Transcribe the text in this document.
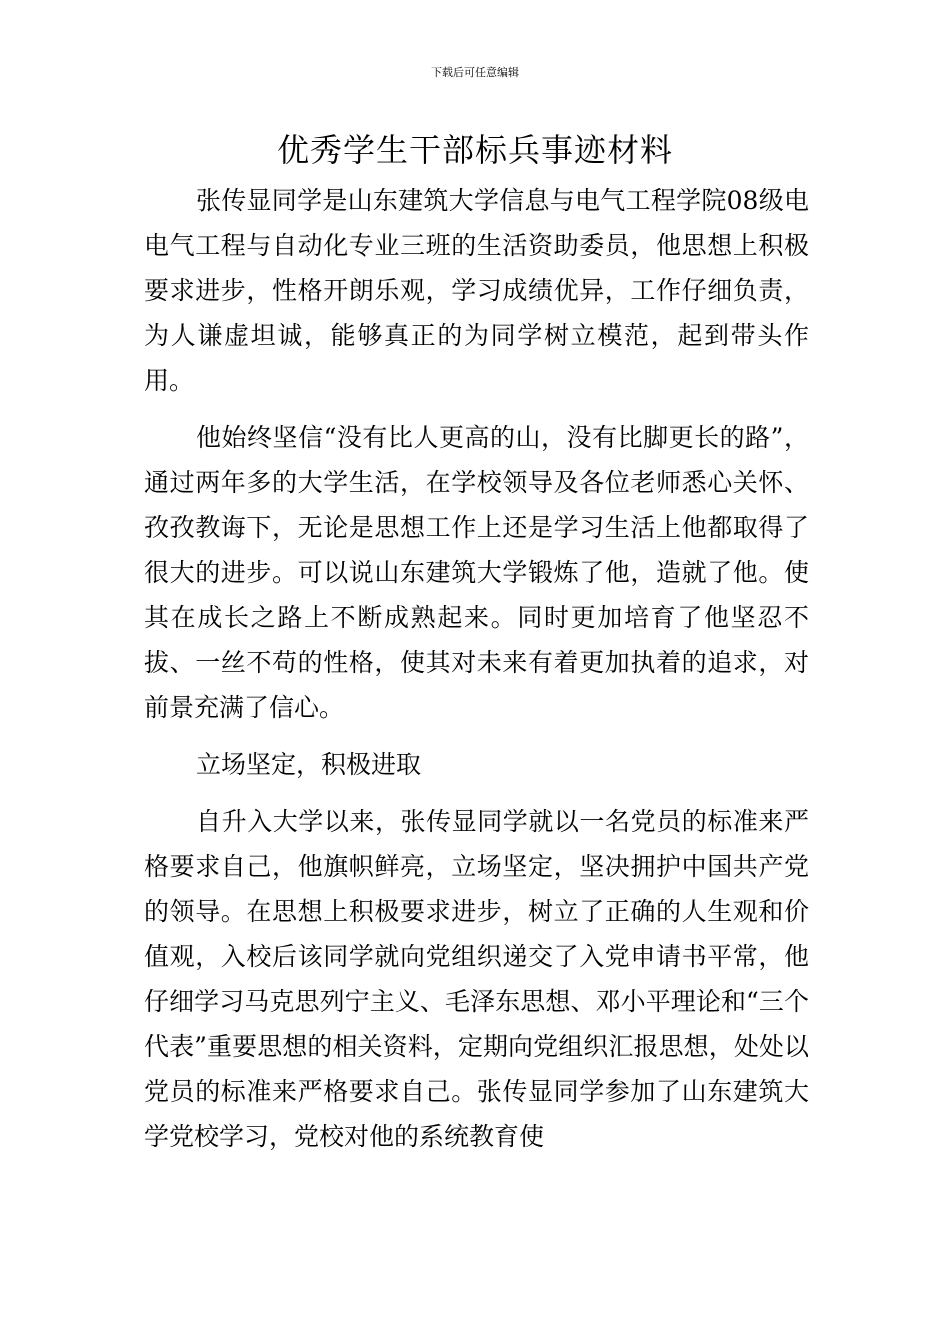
下载后可任意编辑
优秀学生干部标兵事迹材料

张传显同学是山东建筑大学信息与电气工程学院08级电电气工程与自动化专业三班的生活资助委员，他思想上积极要求进步，性格开朗乐观，学习成绩优异，工作仔细负责，为人谦虚坦诚，能够真正的为同学树立模范，起到带头作用。

他始终坚信“没有比人更高的山，没有比脚更长的路”，通过两年多的大学生活，在学校领导及各位老师悉心关怀、孜孜教诲下，无论是思想工作上还是学习生活上他都取得了很大的进步。可以说山东建筑大学锻炼了他，造就了他。使其在成长之路上不断成熟起来。同时更加培育了他坚忍不拔、一丝不苟的性格，使其对未来有着更加执着的追求，对前景充满了信心。

立场坚定，积极进取

自升入大学以来，张传显同学就以一名党员的标准来严格要求自己，他旗帜鲜亮，立场坚定，坚决拥护中国共产党的领导。在思想上积极要求进步，树立了正确的人生观和价值观，入校后该同学就向党组织递交了入党申请书平常，他仔细学习马克思列宁主义、毛泽东思想、邓小平理论和“三个代表”重要思想的相关资料，定期向党组织汇报思想，处处以党员的标准来严格要求自己。张传显同学参加了山东建筑大学党校学习，党校对他的系统教育使
